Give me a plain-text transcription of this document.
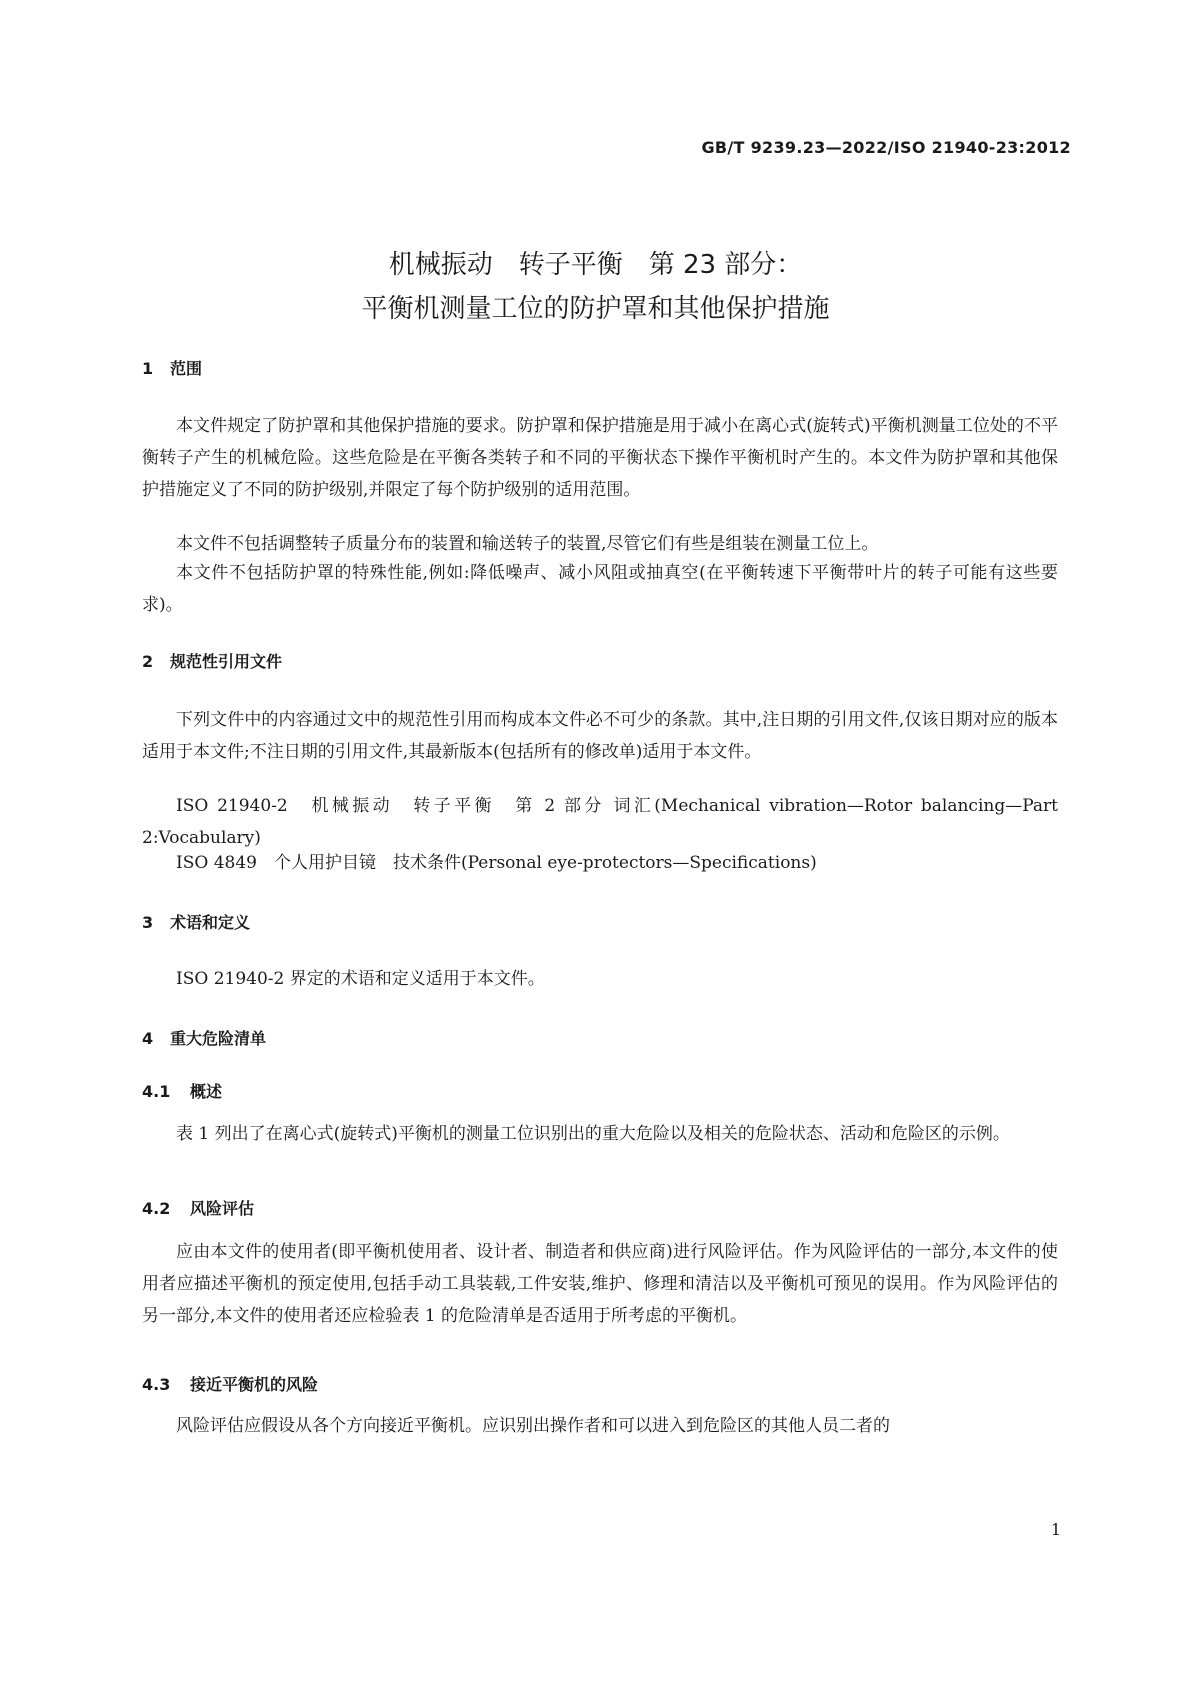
GB/T 9239.23—2022/ISO 21940-23:2012
机械振动　转子平衡　第 23 部分：
平衡机测量工位的防护罩和其他保护措施
1 范围
本文件规定了防护罩和其他保护措施的要求。防护罩和保护措施是用于减小在离心式(旋转式)平衡机测量工位处的不平衡转子产生的机械危险。这些危险是在平衡各类转子和不同的平衡状态下操作平衡机时产生的。本文件为防护罩和其他保护措施定义了不同的防护级别,并限定了每个防护级别的适用范围。
本文件不包括调整转子质量分布的装置和输送转子的装置,尽管它们有些是组装在测量工位上。
本文件不包括防护罩的特殊性能,例如:降低噪声、减小风阻或抽真空(在平衡转速下平衡带叶片的转子可能有这些要求)。
2 规范性引用文件
下列文件中的内容通过文中的规范性引用而构成本文件必不可少的条款。其中,注日期的引用文件,仅该日期对应的版本适用于本文件;不注日期的引用文件,其最新版本(包括所有的修改单)适用于本文件。
ISO 21940-2　机械振动　转子平衡　第 2 部分 词汇(Mechanical vibration—Rotor balancing—Part 2:Vocabulary)
ISO 4849　个人用护目镜　技术条件(Personal eye-protectors—Specifications)
3 术语和定义
ISO 21940-2 界定的术语和定义适用于本文件。
4 重大危险清单
4.1 概述
表 1 列出了在离心式(旋转式)平衡机的测量工位识别出的重大危险以及相关的危险状态、活动和危险区的示例。
4.2 风险评估
应由本文件的使用者(即平衡机使用者、设计者、制造者和供应商)进行风险评估。作为风险评估的一部分,本文件的使用者应描述平衡机的预定使用,包括手动工具装载,工件安装,维护、修理和清洁以及平衡机可预见的误用。作为风险评估的另一部分,本文件的使用者还应检验表 1 的危险清单是否适用于所考虑的平衡机。
4.3 接近平衡机的风险
风险评估应假设从各个方向接近平衡机。应识别出操作者和可以进入到危险区的其他人员二者的
1
